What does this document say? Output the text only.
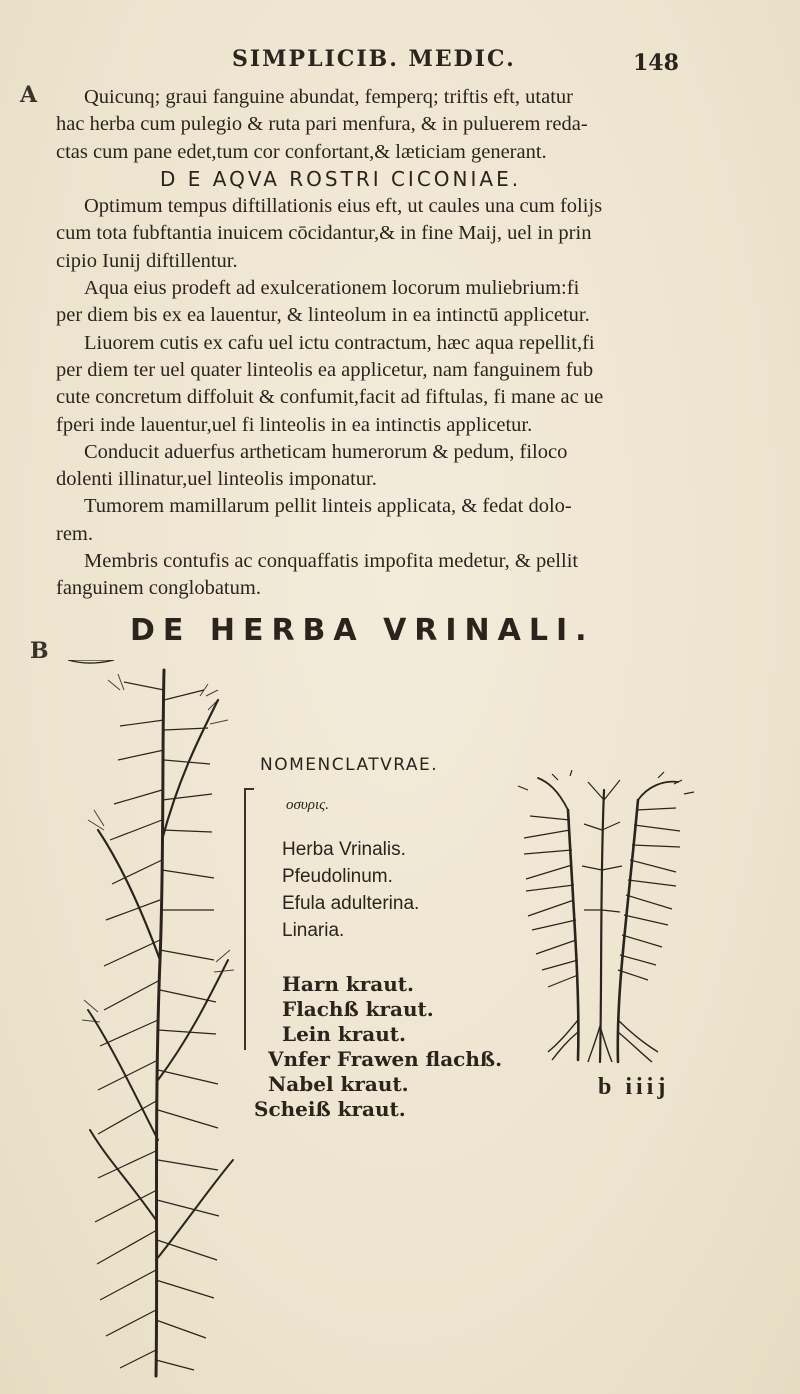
A
SIMPLICIB. MEDIC.	148
Quicunq; graui fanguine abundat, femperq; triftis eft, utatur
hac herba cum pulegio & ruta pari menfura, & in puluerem reda-
ctas cum pane edet,tum cor confortant,& læticiam generant.
D E AQVA ROSTRI CICONIAE.
Optimum tempus diftillationis eius eft, ut caules una cum folijs
cum tota fubftantia inuicem cōcidantur,& in fine Maij, uel in prin
cipio Iunij diftillentur.
Aqua eius prodeft ad exulcerationem locorum muliebrium:fi
per diem bis ex ea lauentur, & linteolum in ea intinctū applicetur.
Liuorem cutis ex cafu uel ictu contractum, hæc aqua repellit,fi
per diem ter uel quater linteolis ea applicetur, nam fanguinem fub
cute concretum diffoluit & confumit,facit ad fiftulas, fi mane ac ue
fperi inde lauentur,uel fi linteolis in ea intinctis applicetur.
Conducit aduerfus artheticam humerorum & pedum, filoco
dolenti illinatur,uel linteolis imponatur.
Tumorem mamillarum pellit linteis applicata, & fedat dolo-
rem.
Membris contufis ac conquaffatis impofita medetur, & pellit
fanguinem conglobatum.
B
DE HERBA VRINALI.
NOMENCLATVRAE.
οσυρις.
Herba Vrinalis.
Pfeudolinum.
Efula adulterina.
Linaria.
Harn kraut.
Flachß kraut.
Lein kraut.
Vnfer Frawen flachß.
Nabel kraut.
Scheiß kraut.
b iiij
